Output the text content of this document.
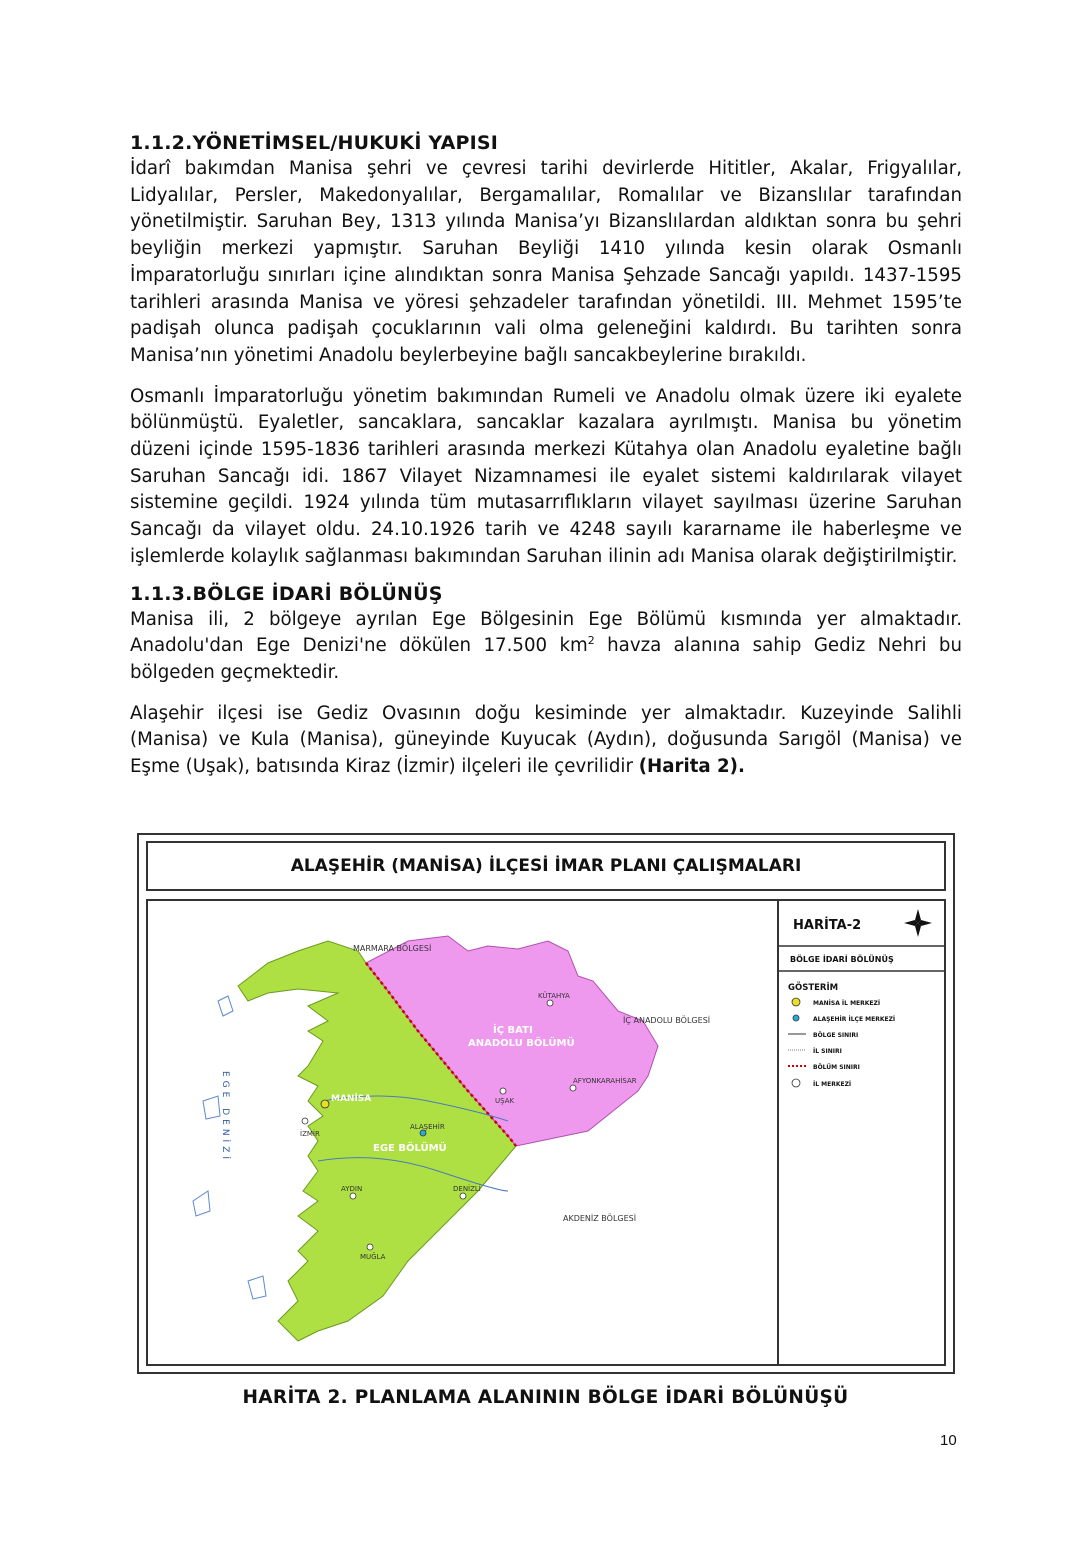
1.1.2.YÖNETİMSEL/HUKUKİ YAPISI

İdarî bakımdan Manisa şehri ve çevresi tarihi devirlerde Hititler, Akalar, Frigyalılar, Lidyalılar, Persler, Makedonyalılar, Bergamalılar, Romalılar ve Bizanslılar tarafından yönetilmiştir. Saruhan Bey, 1313 yılında Manisa’yı Bizanslılardan aldıktan sonra bu şehri beyliğin merkezi yapmıştır. Saruhan Beyliği 1410 yılında kesin olarak Osmanlı İmparatorluğu sınırları içine alındıktan sonra Manisa Şehzade Sancağı yapıldı. 1437-1595 tarihleri arasında Manisa ve yöresi şehzadeler tarafından yönetildi. III. Mehmet 1595’te padişah olunca padişah çocuklarının vali olma geleneğini kaldırdı. Bu tarihten sonra Manisa’nın yönetimi Anadolu beylerbeyine bağlı sancakbeylerine bırakıldı.

Osmanlı İmparatorluğu yönetim bakımından Rumeli ve Anadolu olmak üzere iki eyalete bölünmüştü. Eyaletler, sancaklara, sancaklar kazalara ayrılmıştı. Manisa bu yönetim düzeni içinde 1595-1836 tarihleri arasında merkezi Kütahya olan Anadolu eyaletine bağlı Saruhan Sancağı idi. 1867 Vilayet Nizamnamesi ile eyalet sistemi kaldırılarak vilayet sistemine geçildi. 1924 yılında tüm mutasarrıflıkların vilayet sayılması üzerine Saruhan Sancağı da vilayet oldu. 24.10.1926 tarih ve 4248 sayılı kararname ile haberleşme ve işlemlerde kolaylık sağlanması bakımından Saruhan ilinin adı Manisa olarak değiştirilmiştir.

1.1.3.BÖLGE İDARİ BÖLÜNÜŞ

Manisa ili, 2 bölgeye ayrılan Ege Bölgesinin Ege Bölümü kısmında yer almaktadır. Anadolu'dan Ege Denizi'ne dökülen 17.500 $km^2$ havza alanına sahip Gediz Nehri bu bölgeden geçmektedir.

Alaşehir ilçesi ise Gediz Ovasının doğu kesiminde yer almaktadır. Kuzeyinde Salihli (Manisa) ve Kula (Manisa), güneyinde Kuyucak (Aydın), doğusunda Sarıgöl (Manisa) ve Eşme (Uşak), batısında Kiraz (İzmir) ilçeleri ile çevrilidir (Harita 2).

ALAŞEHİR (MANİSA) İLÇESİ İMAR PLANI ÇALIŞMALARI
MARMARA BÖLGESİ
İÇ ANADOLU BÖLGESİ
AKDENİZ BÖLGESİ
İÇ BATI
ANADOLU BÖLÜMÜ
EGE BÖLÜMÜ
EGE DENİZİ	MANİSA
İZMİR
ALAŞEHİR
AYDIN	DENİZLİ
MUĞLA
UŞAK
KÜTAHYA
AFYONKARAHİSAR
HARİTA-2
BÖLGE İDARİ BÖLÜNÜŞ
GÖSTERİM
MANİSA İL MERKEZİ
ALAŞEHİR İLÇE MERKEZİ
BÖLGE SINIRI
İL SINIRI
BÖLÜM SINIRI
İL MERKEZİ
HARİTA 2. PLANLAMA ALANININ BÖLGE İDARİ BÖLÜNÜŞÜ
10
